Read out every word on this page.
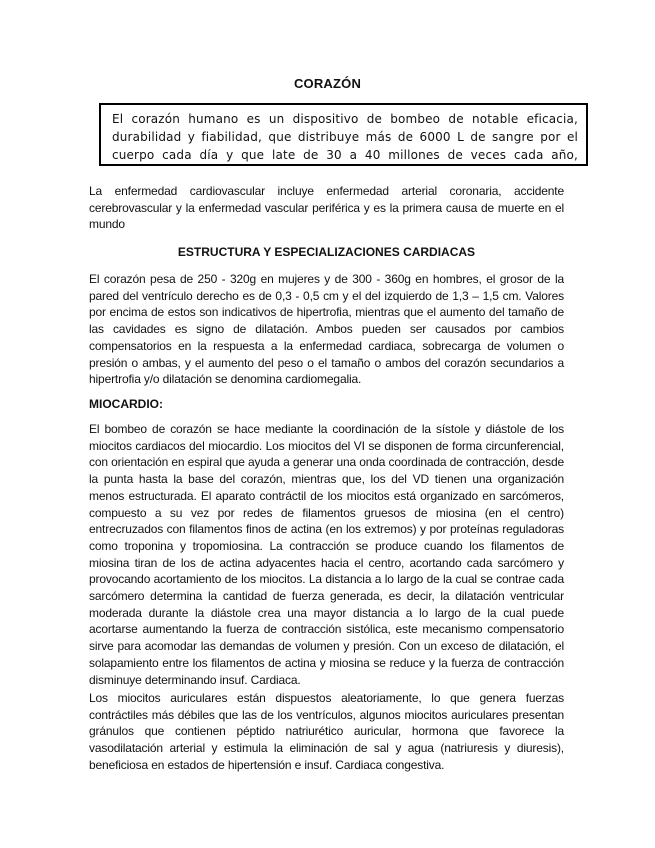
CORAZÓN

El corazón humano es un dispositivo de bombeo de notable eficacia, durabilidad y fiabilidad, que distribuye más de 6000 L de sangre por el cuerpo cada día y que late de 30 a 40 millones de veces cada año,

La enfermedad cardiovascular incluye enfermedad arterial coronaria, accidente cerebrovascular y la enfermedad vascular periférica y es la primera causa de muerte en el mundo

ESTRUCTURA Y ESPECIALIZACIONES CARDIACAS

El corazón pesa de 250 - 320g en mujeres y de 300 - 360g en hombres, el grosor de la pared del ventrículo derecho es de 0,3 - 0,5 cm y el del izquierdo de 1,3 – 1,5 cm. Valores por encima de estos son indicativos de hipertrofia, mientras que el aumento del tamaño de las cavidades es signo de dilatación. Ambos pueden ser causados por cambios compensatorios en la respuesta a la enfermedad cardiaca, sobrecarga de volumen o presión o ambas, y el aumento del peso o el tamaño o ambos del corazón secundarios a hipertrofia y/o dilatación se denomina cardiomegalia.

MIOCARDIO:

El bombeo de corazón se hace mediante la coordinación de la sístole y diástole de los miocitos cardiacos del miocardio. Los miocitos del VI se disponen de forma circunferencial, con orientación en espiral que ayuda a generar una onda coordinada de contracción, desde la punta hasta la base del corazón, mientras que, los del VD tienen una organización menos estructurada. El aparato contráctil de los miocitos está organizado en sarcómeros, compuesto a su vez por redes de filamentos gruesos de miosina (en el centro) entrecruzados con filamentos finos de actina (en los extremos) y por proteínas reguladoras como troponina y tropomiosina. La contracción se produce cuando los filamentos de miosina tiran de los de actina adyacentes hacia el centro, acortando cada sarcómero y provocando acortamiento de los miocitos. La distancia a lo largo de la cual se contrae cada sarcómero determina la cantidad de fuerza generada, es decir, la dilatación ventricular moderada durante la diástole crea una mayor distancia a lo largo de la cual puede acortarse aumentando la fuerza de contracción sistólica, este mecanismo compensatorio sirve para acomodar las demandas de volumen y presión. Con un exceso de dilatación, el solapamiento entre los filamentos de actina y miosina se reduce y la fuerza de contracción disminuye determinando insuf. Cardiaca.

Los miocitos auriculares están dispuestos aleatoriamente, lo que genera fuerzas contráctiles más débiles que las de los ventrículos, algunos miocitos auriculares presentan gránulos que contienen péptido natriurético auricular, hormona que favorece la vasodilatación arterial y estimula la eliminación de sal y agua (natriuresis y diuresis), beneficiosa en estados de hipertensión e insuf. Cardiaca congestiva.
